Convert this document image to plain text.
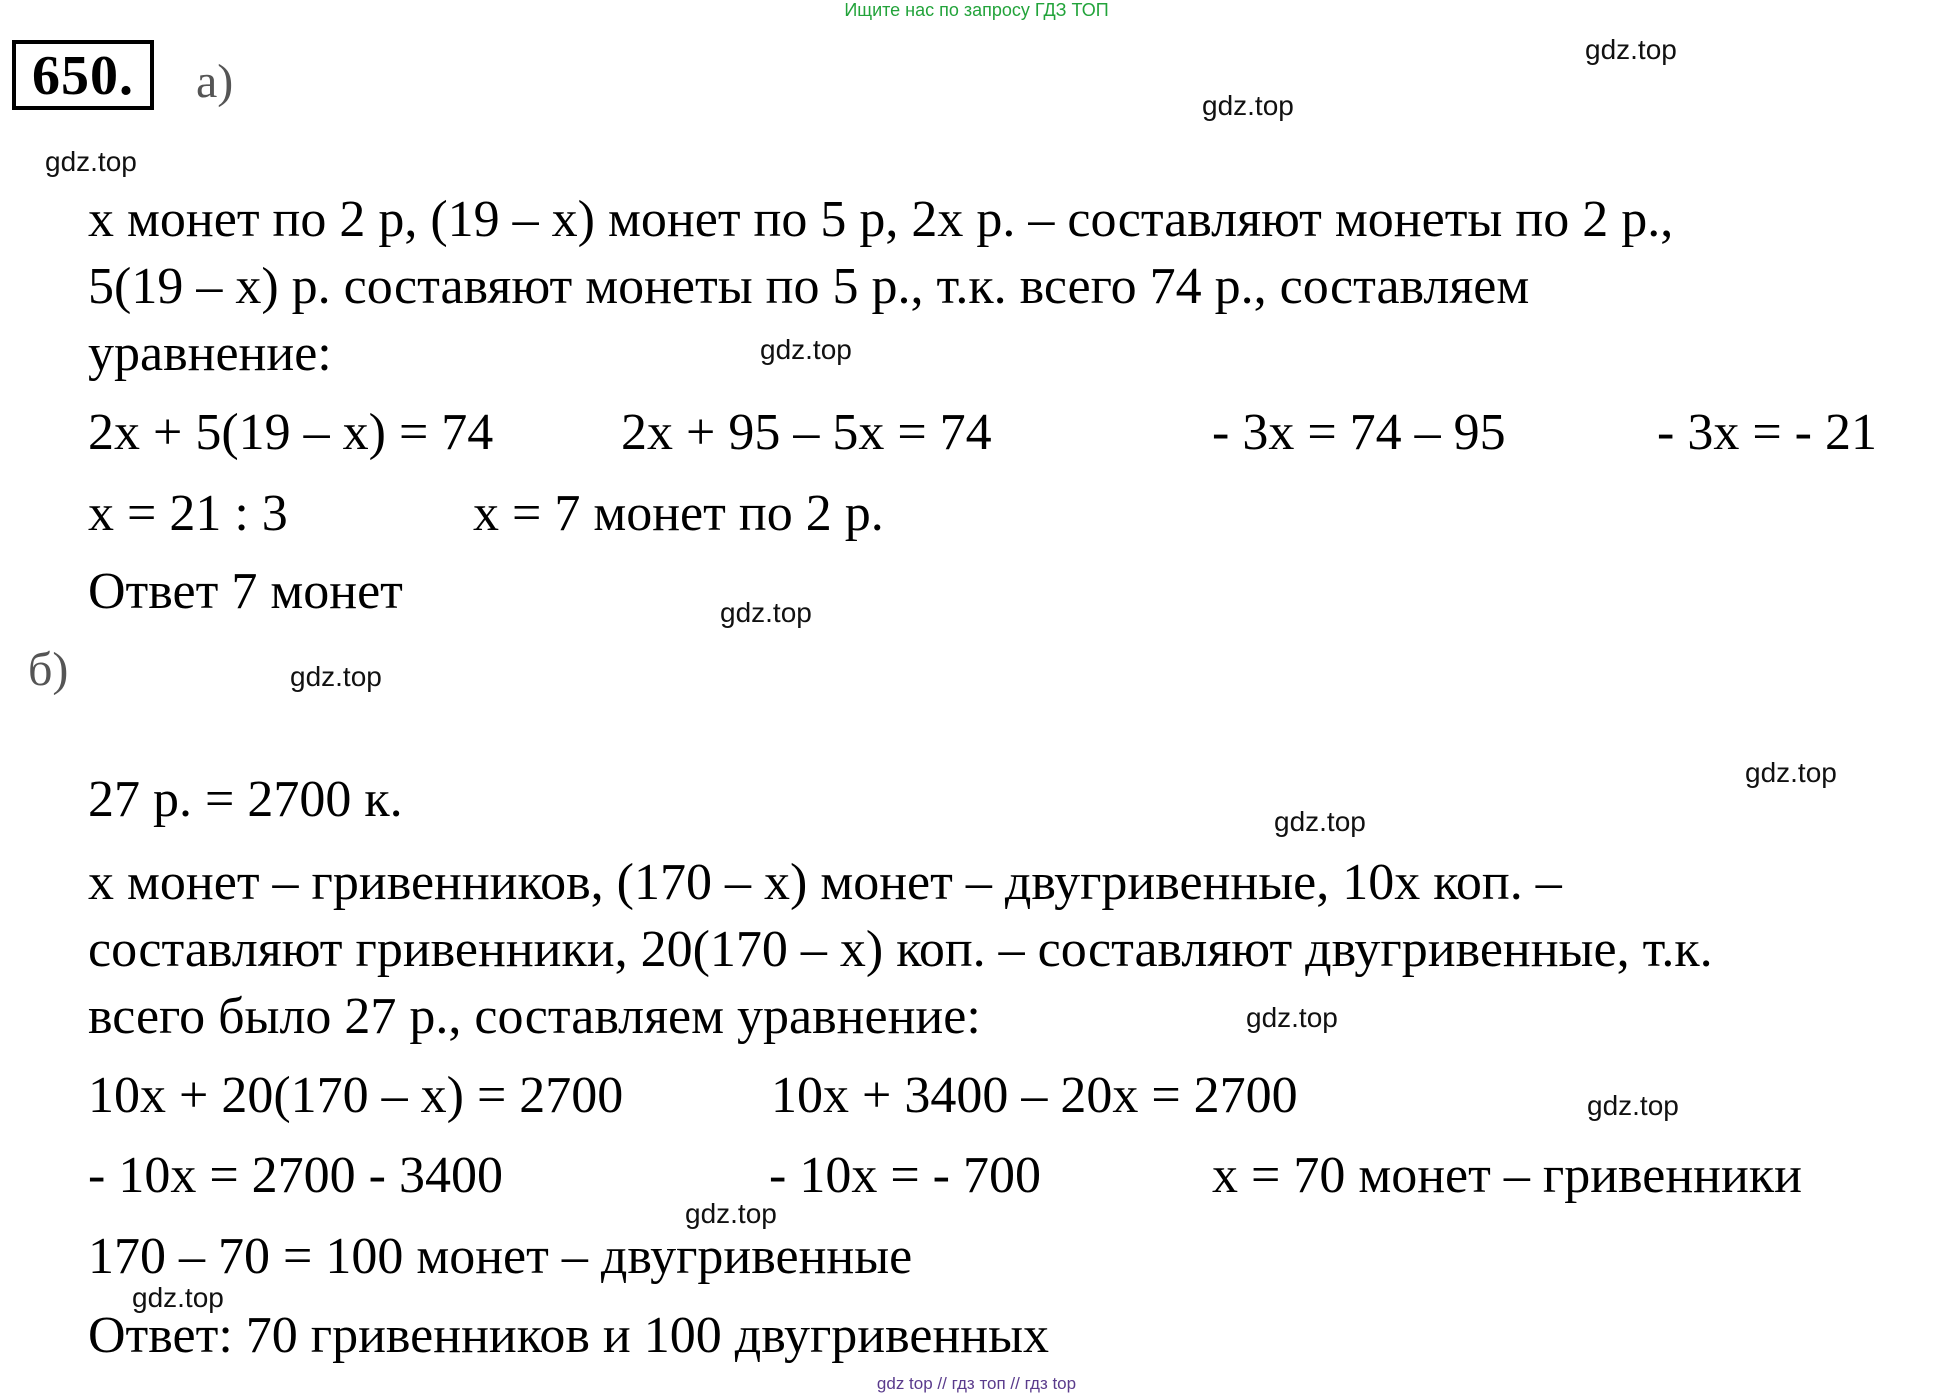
Ищите нас по запросу ГДЗ ТОП
650.	а)
gdz.top
gdz.top
gdz.top
gdz.top
gdz.top
gdz.top
gdz.top
gdz.top
gdz.top
gdz.top
gdz.top
gdz.top
х монет по 2 р, (19 – х) монет по 5 р, 2х р. – составляют монеты по 2 р.,
5(19 – х) р. составяют монеты по 5 р., т.к. всего 74 р., составляем
уравнение:
2х + 5(19 – х) = 74 2х + 95 – 5х = 74	- 3х = 74 – 95	- 3х = - 21
х = 21 : 3	х = 7 монет по 2 р.
Ответ 7 монет
б)
27 р. = 2700 к.
х монет – гривенников, (170 – х) монет – двугривенные, 10х коп. –
составляют гривенники, 20(170 – х) коп. – составляют двугривенные, т.к.
всего было 27 р., составляем уравнение:
10х + 20(170 – х) = 2700	10х + 3400 – 20х = 2700
- 10х = 2700 - 3400	- 10х = - 700	х = 70 монет – гривенники
170 – 70 = 100 монет – двугривенные
Ответ: 70 гривенников и 100 двугривенных
gdz top // гдз топ // гдз top
